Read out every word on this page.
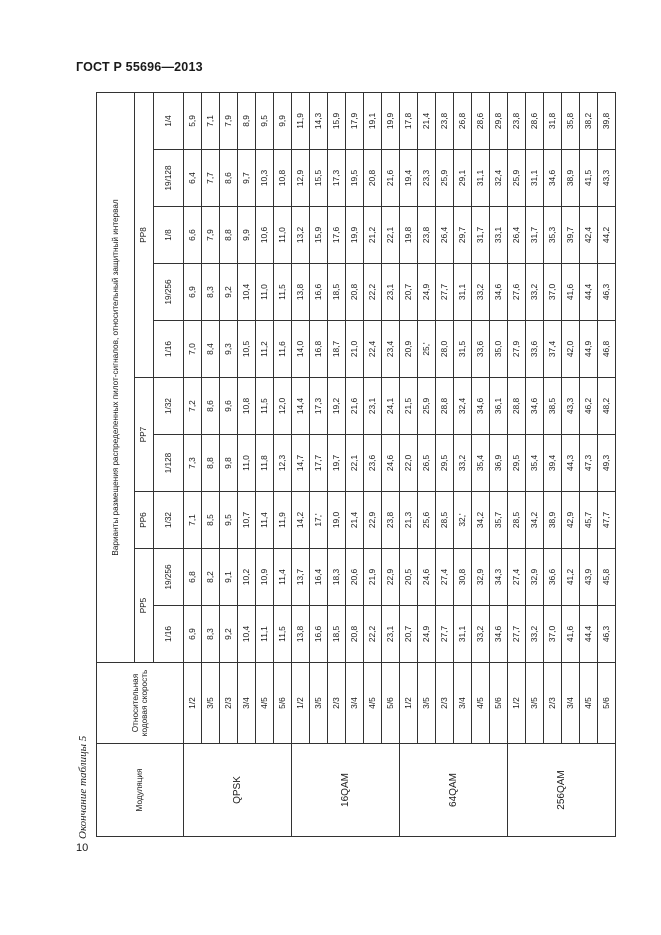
ГОСТ Р 55696—2013
10
Окончание таблицы 5	Модуляция	Относительная кодовая скорость	Варианты размещения распределенных пилот-сигналов, относительный защитный интервал									
		PP5		PP6	PP7		PP8				
		1/16	19/256	1/32	1/128	1/32	1/16	19/256	1/8	19/128	1/4
QPSK	1/2	6,9	6,8	7,1	7,3	7,2	7,0	6,9	6,6	6,4	5,9
	3/5	8,3	8,2	8,5	8,8	8,6	8,4	8,3	7,9	7,7	7,1
	2/3	9,2	9,1	9,5	9,8	9,6	9,3	9,2	8,8	8,6	7,9
	3/4	10,4	10,2	10,7	11,0	10,8	10,5	10,4	9,9	9,7	8,9
	4/5	11,1	10,9	11,4	11,8	11,5	11,2	11,0	10,6	10,3	9,5
	5/6	11,5	11,4	11,9	12,3	12,0	11,6	11,5	11,0	10,8	9,9
16QAM	1/2	13,8	13,7	14,2	14,7	14,4	14,0	13,8	13,2	12,9	11,9
	3/5	16,6	16,4	17,'	17,7	17,3	16,8	16,6	15,9	15,5	14,3
	2/3	18,5	18,3	19,0	19,7	19,2	18,7	18,5	17,6	17,3	15,9
	3/4	20,8	20,6	21,4	22,1	21,6	21,0	20,8	19,9	19,5	17,9
	4/5	22,2	21,9	22,9	23,6	23,1	22,4	22,2	21,2	20,8	19,1
	5/6	23,1	22,9	23,8	24,6	24,1	23,4	23,1	22,1	21,6	19,9
64QAM	1/2	20,7	20,5	21,3	22,0	21,5	20,9	20,7	19,8	19,4	17,8
	3/5	24,9	24,6	25,6	26,5	25,9	25,'	24,9	23,8	23,3	21,4
	2/3	27,7	27,4	28,5	29,5	28,8	28,0	27,7	26,4	25,9	23,8
	3/4	31,1	30,8	32,'	33,2	32,4	31,5	31,1	29,7	29,1	26,8
	4/5	33,2	32,9	34,2	35,4	34,6	33,6	33,2	31,7	31,1	28,6
	5/6	34,6	34,3	35,7	36,9	36,1	35,0	34,6	33,1	32,4	29,8
256QAM	1/2	27,7	27,4	28,5	29,5	28,8	27,9	27,6	26,4	25,9	23,8
	3/5	33,2	32,9	34,2	35,4	34,6	33,6	33,2	31,7	31,1	28,6
	2/3	37,0	36,6	38,9	39,4	38,5	37,4	37,0	35,3	34,6	31,8
	3/4	41,6	41,2	42,9	44,3	43,3	42,0	41,6	39,7	38,9	35,8
	4/5	44,4	43,9	45,7	47,3	46,2	44,9	44,4	42,4	41,5	38,2
	5/6	46,3	45,8	47,7	49,3	48,2	46,8	46,3	44,2	43,3	39,8
